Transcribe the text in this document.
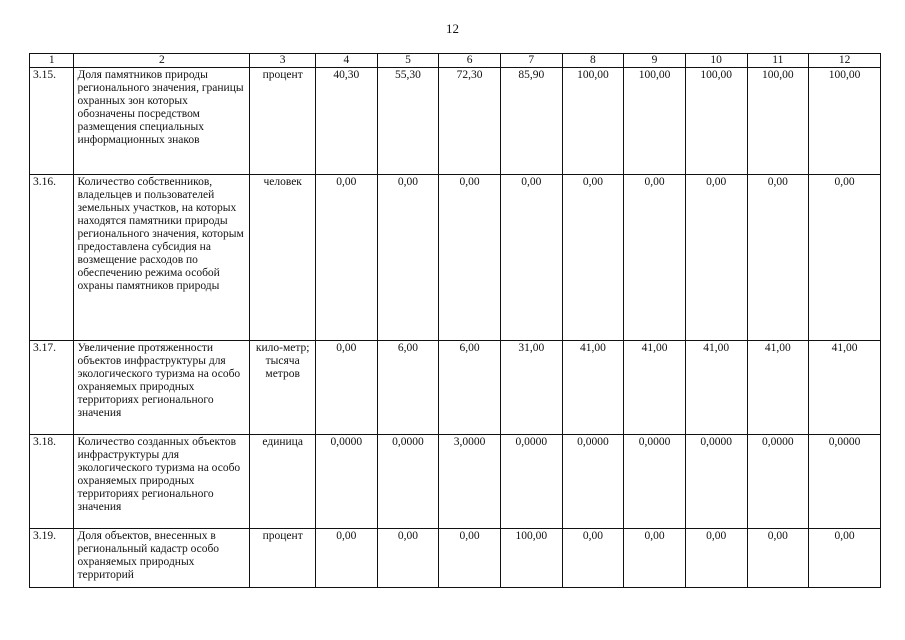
12
1	2	3	4	5	6	7	8	9	10	11	12
3.15.	Доля памятников природы регионального значения, границы охранных зон которых обозначены посредством размещения специальных информационных знаков	процент	40,30	55,30	72,30	85,90	100,00	100,00	100,00	100,00	100,00
3.16.	Количество собственников, владельцев и пользователей земельных участков, на которых находятся памятники природы регионального значения, которым предоставлена субсидия на возмещение расходов по обеспечению режима особой охраны памятников природы	человек	0,00	0,00	0,00	0,00	0,00	0,00	0,00	0,00	0,00
3.17.	Увеличение протяженности объектов инфраструктуры для экологического туризма на особо охраняемых природных территориях регионального значения	кило-метр; тысяча метров	0,00	6,00	6,00	31,00	41,00	41,00	41,00	41,00	41,00
3.18.	Количество созданных объектов инфраструктуры для экологического туризма на особо охраняемых природных территориях регионального значения	единица	0,0000	0,0000	3,0000	0,0000	0,0000	0,0000	0,0000	0,0000	0,0000
3.19.	Доля объектов, внесенных в региональный кадастр особо охраняемых природных территорий	процент	0,00	0,00	0,00	100,00	0,00	0,00	0,00	0,00	0,00
